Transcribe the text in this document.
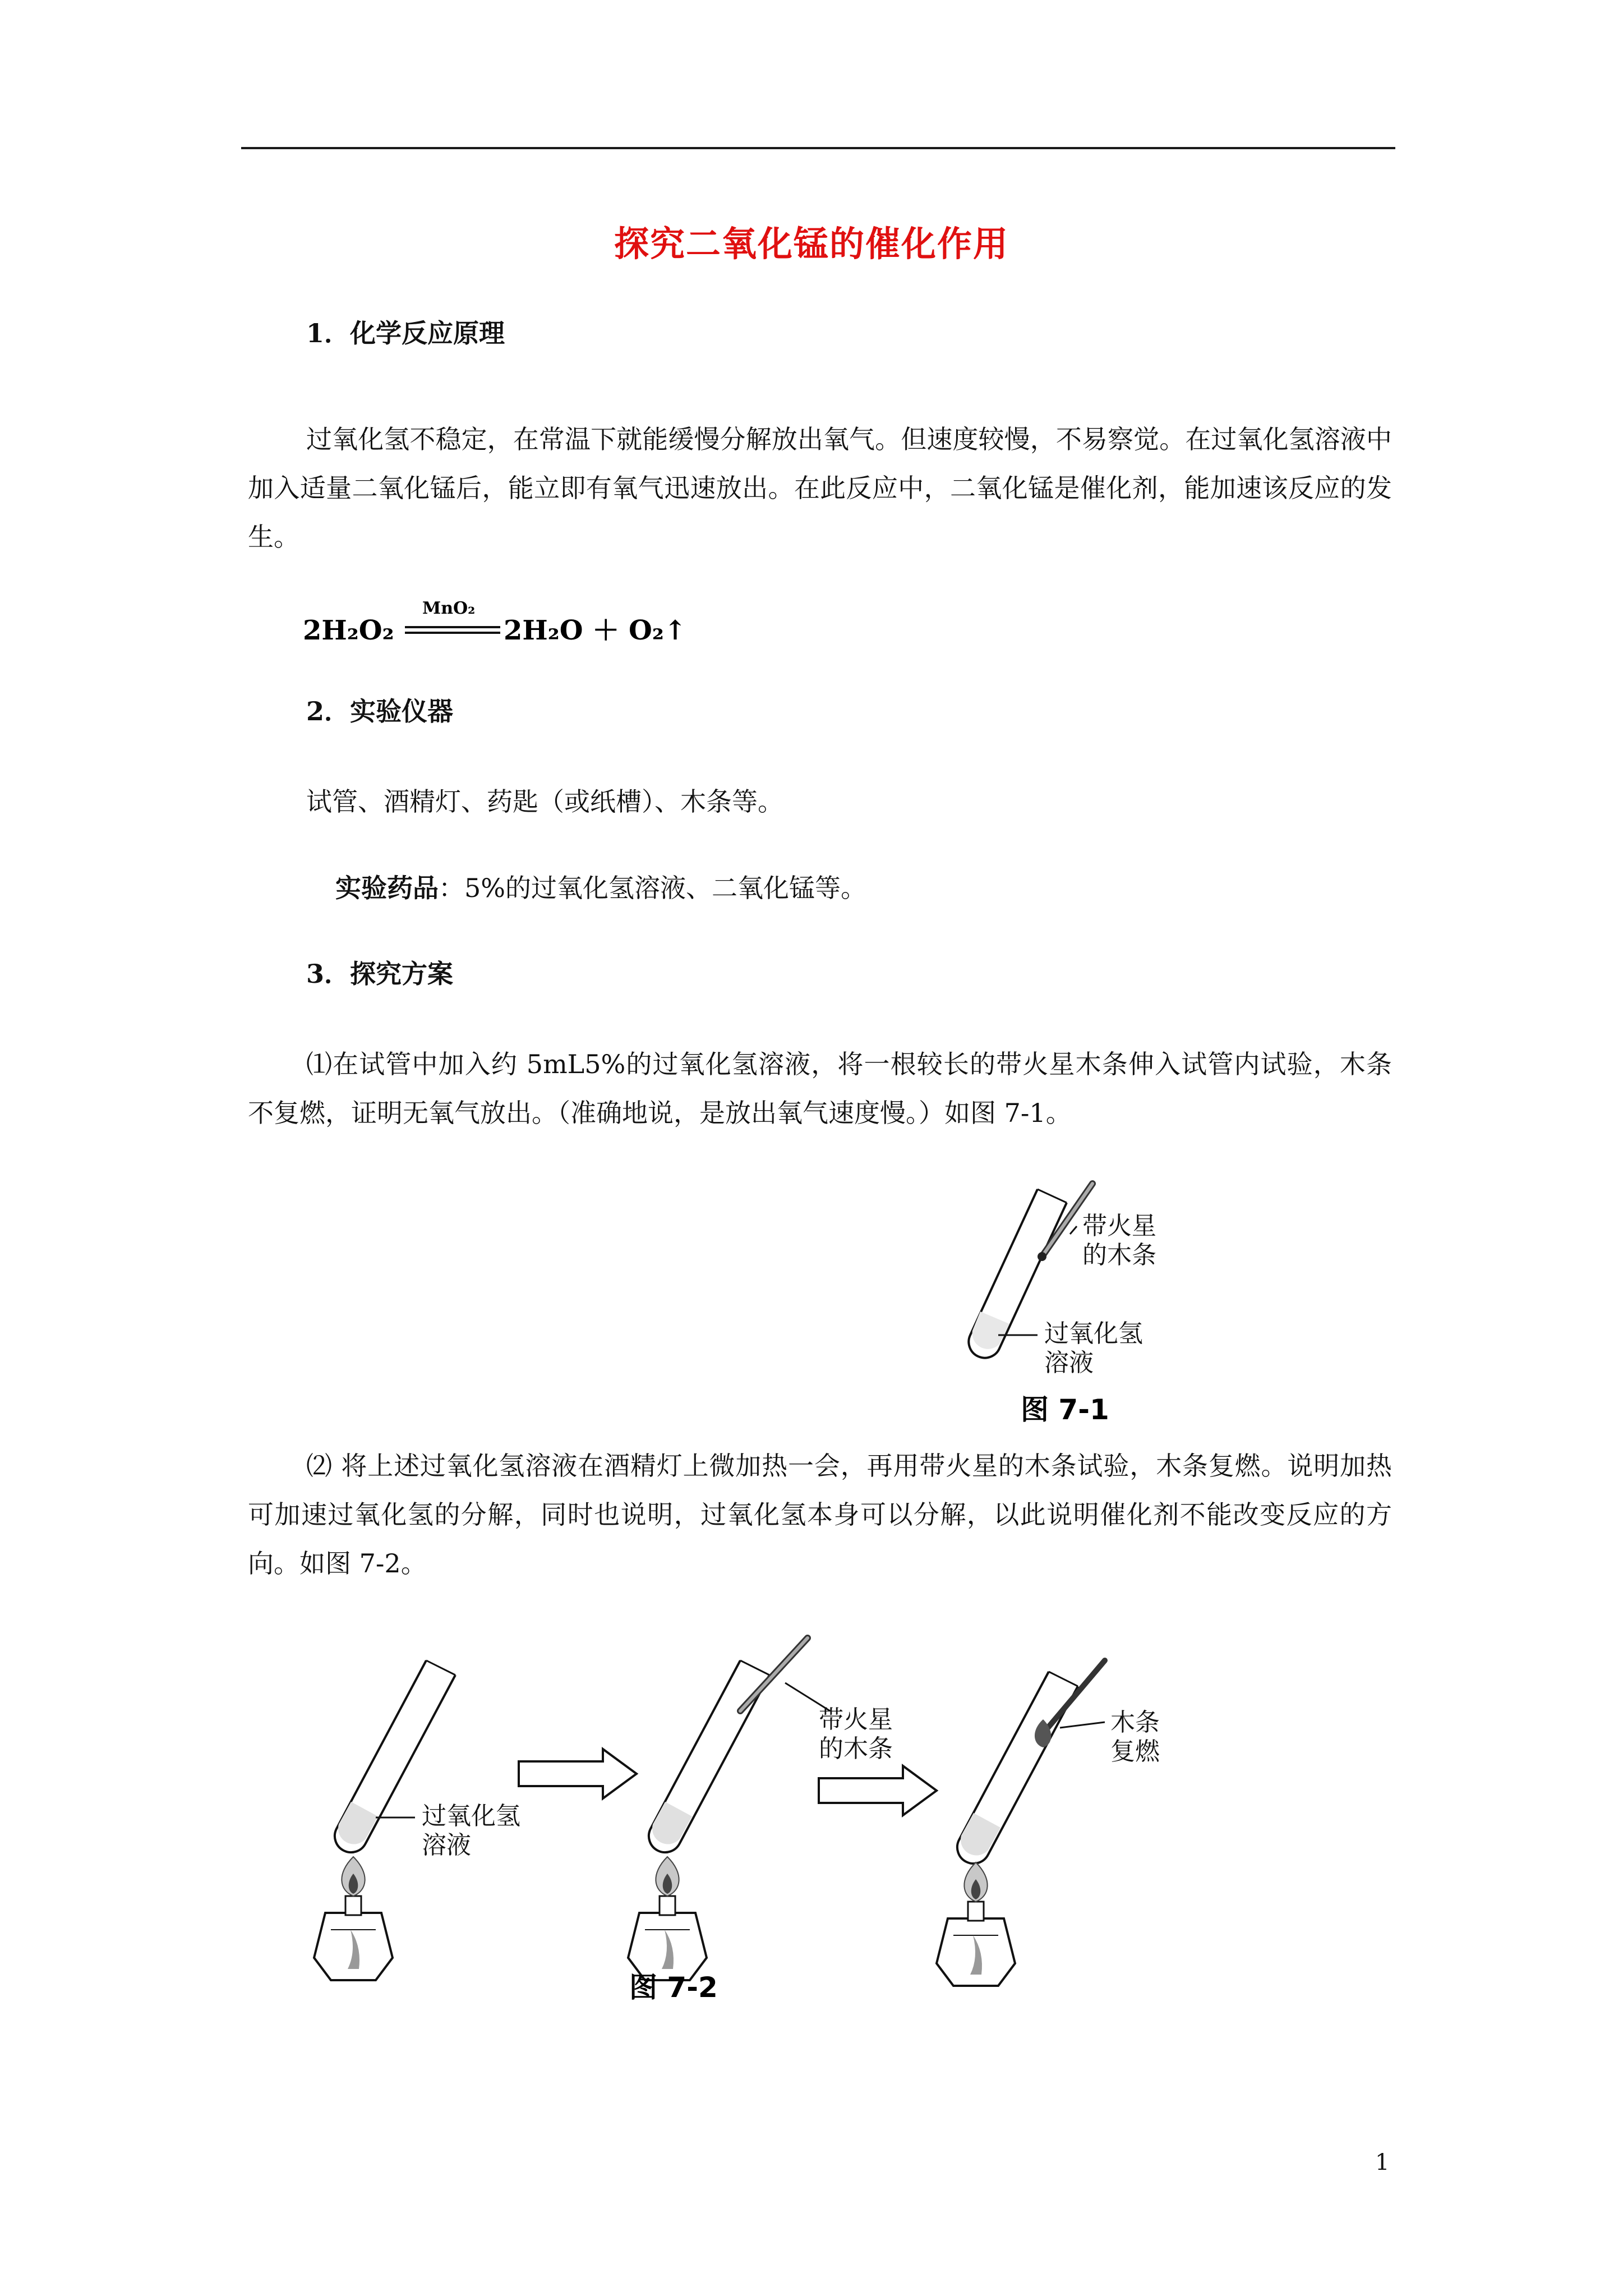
探究二氧化锰的催化作用
1．化学反应原理
过氧化氢不稳定，在常温下就能缓慢分解放出氧气。但速度较慢，不易察觉。在过氧化氢溶液中加入适量二氧化锰后，能立即有氧气迅速放出。在此反应中，二氧化锰是催化剂，能加速该反应的发生。
2H₂O₂
MnO₂
2H₂O ＋ O₂↑
2．实验仪器
试管、酒精灯、药匙（或纸槽）、木条等。
实验药品：5%的过氧化氢溶液、二氧化锰等。
3．探究方案
⑴在试管中加入约 5mL5%的过氧化氢溶液，将一根较长的带火星木条伸入试管内试验，木条不复燃，证明无氧气放出。（准确地说，是放出氧气速度慢。）如图 7-1。
带火星
的木条
过氧化氢
溶液
图 7-1
⑵ 将上述过氧化氢溶液在酒精灯上微加热一会，再用带火星的木条试验，木条复燃。说明加热可加速过氧化氢的分解，同时也说明，过氧化氢本身可以分解，以此说明催化剂不能改变反应的方向。如图 7-2。
过氧化氢
溶液
带火星
的木条
木条
复燃
图 7-2
1
